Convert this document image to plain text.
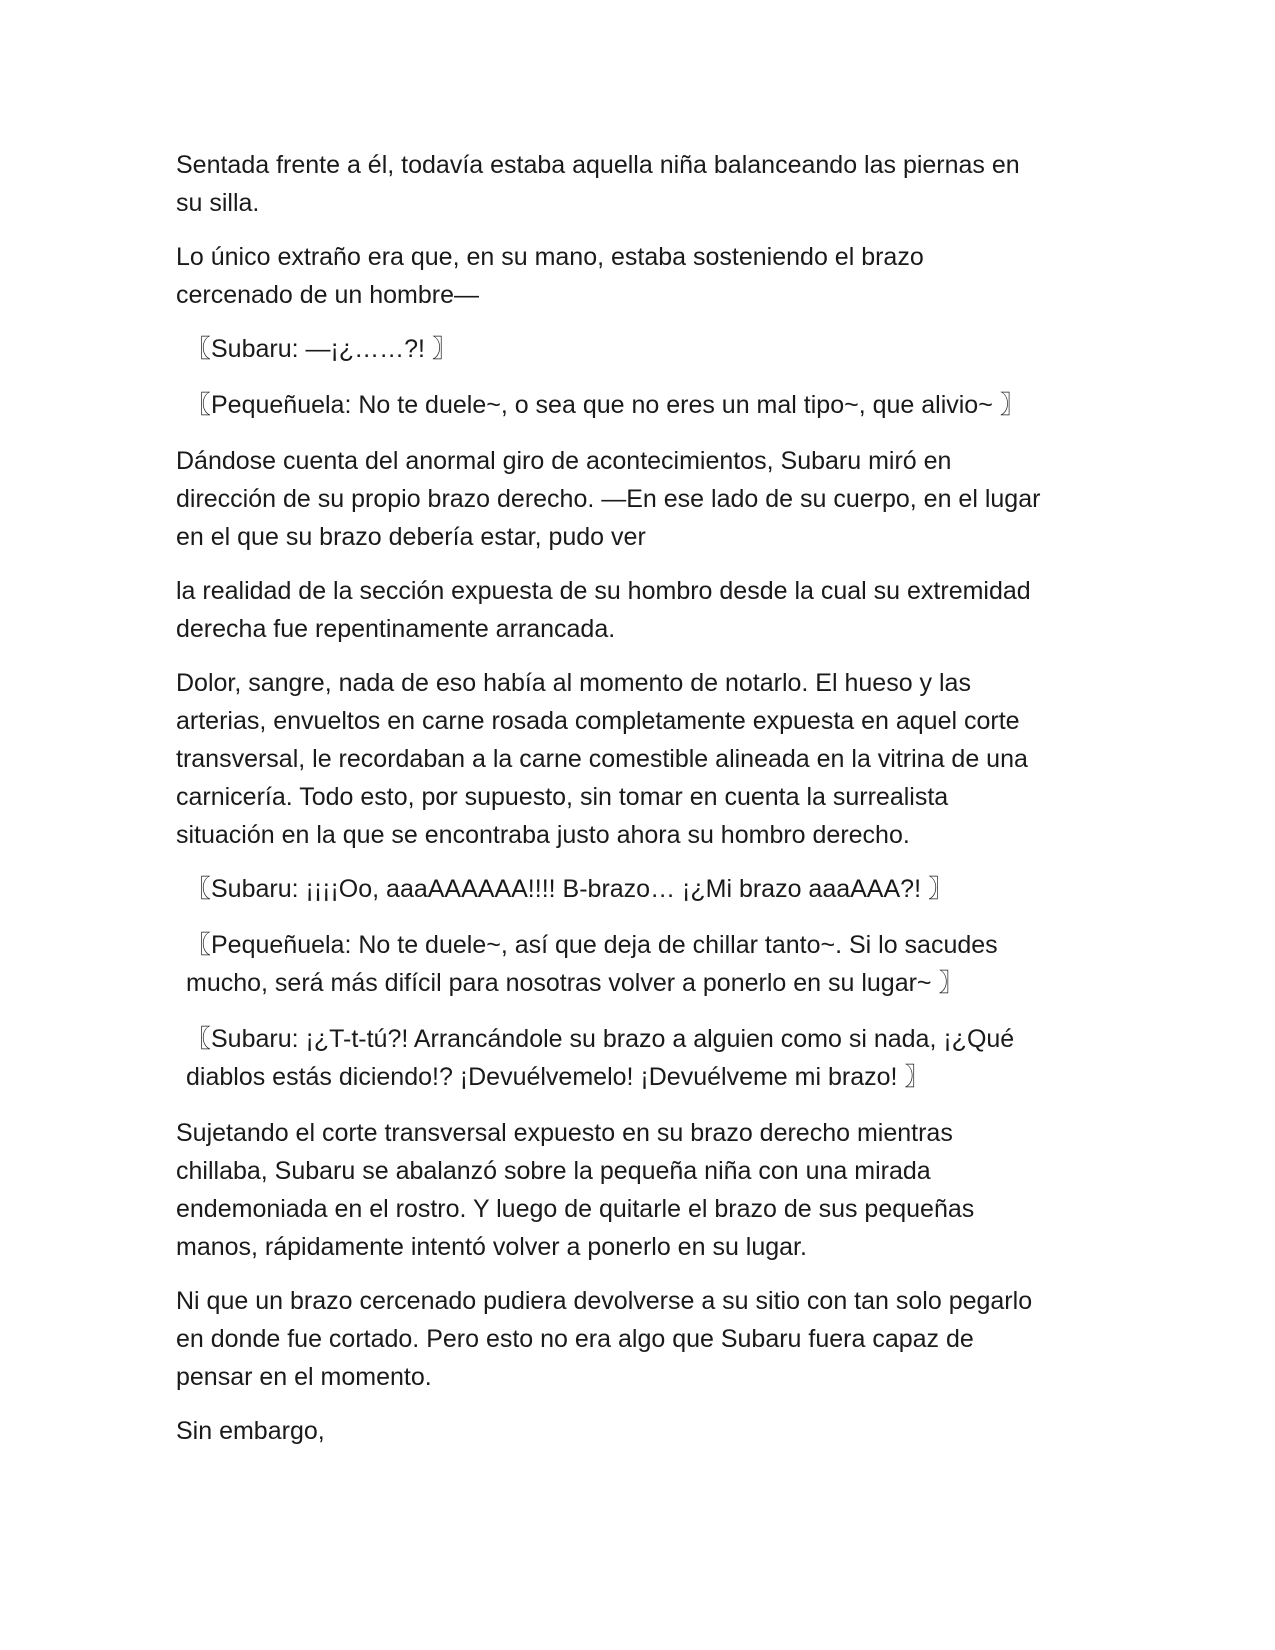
Sentada frente a él, todavía estaba aquella niña balanceando las piernas en
su silla.
Lo único extraño era que, en su mano, estaba sosteniendo el brazo
cercenado de un hombre—
〖Subaru: —¡¿……?! 〗
〖Pequeñuela: No te duele~, o sea que no eres un mal tipo~, que alivio~ 〗
Dándose cuenta del anormal giro de acontecimientos, Subaru miró en
dirección de su propio brazo derecho. —En ese lado de su cuerpo, en el lugar
en el que su brazo debería estar, pudo ver
la realidad de la sección expuesta de su hombro desde la cual su extremidad
derecha fue repentinamente arrancada.
Dolor, sangre, nada de eso había al momento de notarlo. El hueso y las
arterias, envueltos en carne rosada completamente expuesta en aquel corte
transversal, le recordaban a la carne comestible alineada en la vitrina de una
carnicería. Todo esto, por supuesto, sin tomar en cuenta la surrealista
situación en la que se encontraba justo ahora su hombro derecho.
〖Subaru: ¡¡¡¡Oo, aaaAAAAAA!!!! B-brazo… ¡¿Mi brazo aaaAAA?! 〗
〖Pequeñuela: No te duele~, así que deja de chillar tanto~. Si lo sacudes
mucho, será más difícil para nosotras volver a ponerlo en su lugar~ 〗
〖Subaru: ¡¿T-t-tú?! Arrancándole su brazo a alguien como si nada, ¡¿Qué
diablos estás diciendo!? ¡Devuélvemelo! ¡Devuélveme mi brazo! 〗
Sujetando el corte transversal expuesto en su brazo derecho mientras
chillaba, Subaru se abalanzó sobre la pequeña niña con una mirada
endemoniada en el rostro. Y luego de quitarle el brazo de sus pequeñas
manos, rápidamente intentó volver a ponerlo en su lugar.
Ni que un brazo cercenado pudiera devolverse a su sitio con tan solo pegarlo
en donde fue cortado. Pero esto no era algo que Subaru fuera capaz de
pensar en el momento.
Sin embargo,
